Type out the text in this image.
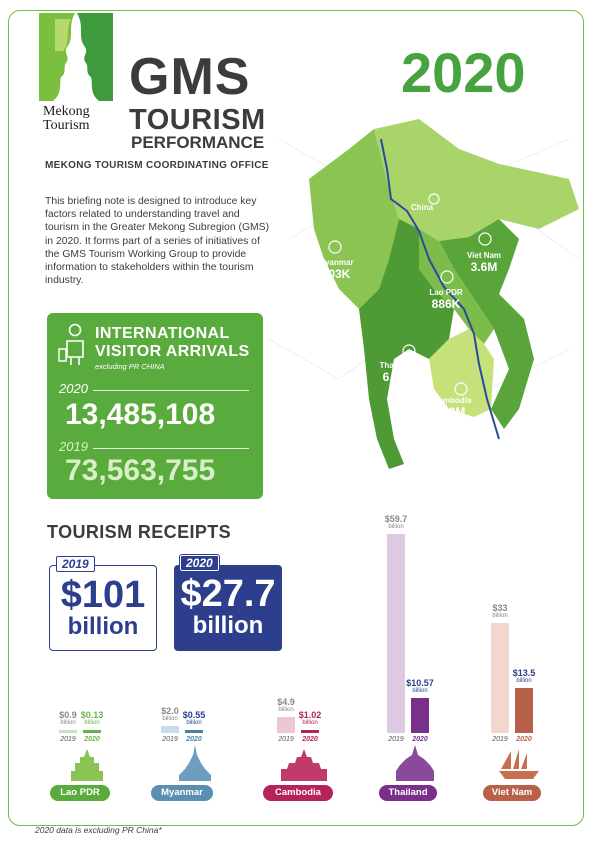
Mekong
Tourism
GMS
TOURISM
PERFORMANCE
2020
MEKONG TOURISM COORDINATING OFFICE
This briefing note is designed to introduce key factors related to understanding travel and tourism in the Greater Mekong Subregion (GMS) in 2020. It forms part of a series of initiatives of the GMS Tourism Working Group to provide information to stakeholders within the tourism industry.
China
Myanmar
903K
Viet Nam
3.6M
Lao PDR
886K
Thailand
6.7M
Cambodia
1.3M
INTERNATIONAL
VISITOR ARRIVALS
excluding PR CHINA
2020
13,485,108
2019
73,563,755
TOURISM RECEIPTS
2019
$101
billion
2020
$27.7
billion
$0.9
billion
$0.13
billion
2019	2020
Lao PDR
$2.0
billion $0.55
billion
2019	2020
Myanmar
$4.9
billion $1.02
billion
2019	2020
Cambodia
$59.7
billion
$10.57
billion
2019	2020
Thailand
$33
billion
$13.5
billion
2019	2020
Viet Nam
2020 data is excluding PR China*
